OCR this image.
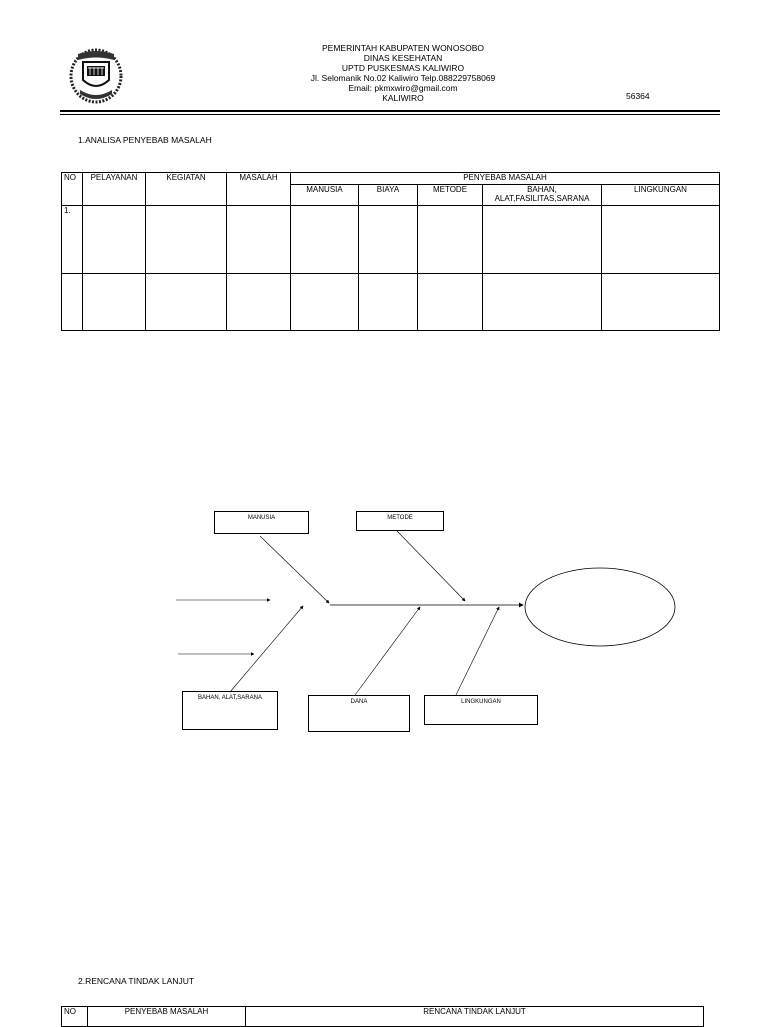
PEMERINTAH KABUPATEN WONOSOBO
DINAS KESEHATAN
UPTD PUSKESMAS KALIWIRO
Jl. Selomanik No.02 Kaliwiro Telp.088229758069
Email: pkmxwiro@gmail.com
KALIWIRO	56364
1.ANALISA PENYEBAB MASALAH
NO	PELAYANAN	KEGIATAN	MASALAH	PENYEBAB MASALAH				
				MANUSIA	BIAYA	METODE	BAHAN, ALAT,FASILITAS,SARANA	LINGKUNGAN
1.								

MANUSIA	METODE
BAHAN, ALAT,SARANA
DANA	LINGKUNGAN
2.RENCANA TINDAK LANJUT
NO	PENYEBAB MASALAH	RENCANA TINDAK LANJUT
